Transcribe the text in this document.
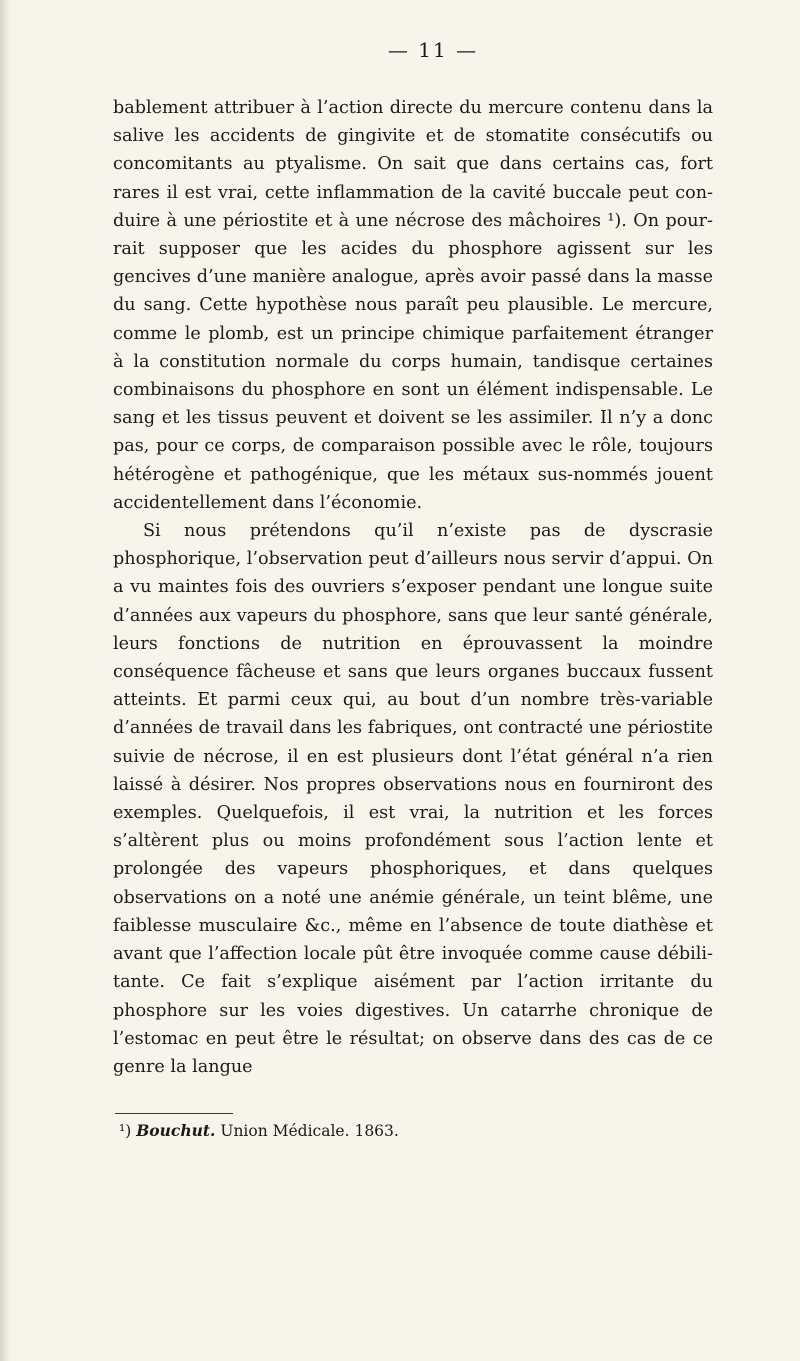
— 11 —

bablement attribuer à l’action directe du mercure contenu dans la salive les accidents de gingivite et de stomatite consécutifs ou concomitants au ptyalisme. On sait que dans certains cas, fort rares il est vrai, cette inflammation de la cavité buccale peut conduire à une périostite et à une nécrose des mâchoires ¹). On pourrait supposer que les acides du phosphore agissent sur les gencives d’une manière analogue, après avoir passé dans la masse du sang. Cette hypothèse nous paraît peu plausible. Le mercure, comme le plomb, est un principe chimique parfaitement étranger à la constitution normale du corps humain, tandisque certaines combinaisons du phosphore en sont un élément indispensable. Le sang et les tissus peuvent et doivent se les assimiler. Il n’y a donc pas, pour ce corps, de comparaison possible avec le rôle, toujours hétérogène et pathogénique, que les métaux sus-nommés jouent accidentellement dans l’économie.

Si nous prétendons qu’il n’existe pas de dyscrasie phosphorique, l’observation peut d’ailleurs nous servir d’appui. On a vu maintes fois des ouvriers s’exposer pendant une longue suite d’années aux vapeurs du phosphore, sans que leur santé générale, leurs fonctions de nutrition en éprouvassent la moindre conséquence fâcheuse et sans que leurs organes buccaux fussent atteints. Et parmi ceux qui, au bout d’un nombre très-variable d’années de travail dans les fabriques, ont contracté une périostite suivie de nécrose, il en est plusieurs dont l’état général n’a rien laissé à désirer. Nos propres observations nous en fourniront des exemples. Quelquefois, il est vrai, la nutrition et les forces s’altèrent plus ou moins profondément sous l’action lente et prolongée des vapeurs phosphoriques, et dans quelques observations on a noté une anémie générale, un teint blême, une faiblesse musculaire &c., même en l’absence de toute diathèse et avant que l’affection locale pût être invoquée comme cause débilitante. Ce fait s’explique aisément par l’action irritante du phosphore sur les voies digestives. Un catarrhe chronique de l’estomac en peut être le résultat; on observe dans des cas de ce genre la langue

¹) Bouchut. Union Médicale. 1863.
